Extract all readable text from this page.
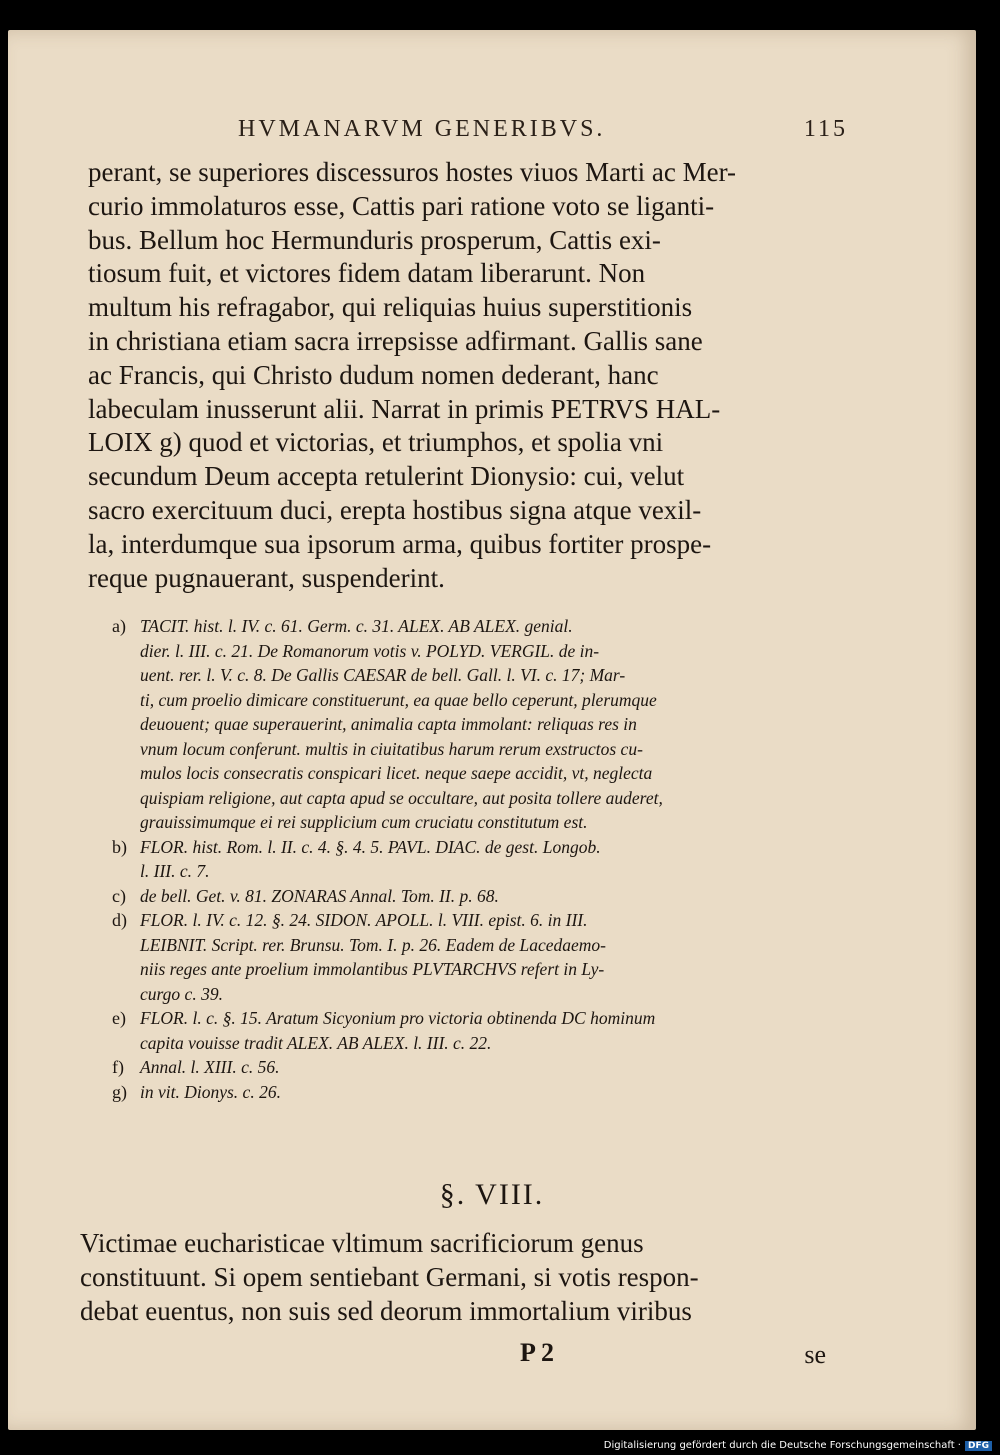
HVMANARVM GENERIBVS.	115

perant, se superiores discessuros hostes viuos Marti ac Mer-

curio immolaturos esse, Cattis pari ratione voto se liganti-

bus. Bellum hoc Hermunduris prosperum, Cattis exi-

tiosum fuit, et victores fidem datam liberarunt. Non

multum his refragabor, qui reliquias huius superstitionis

in christiana etiam sacra irrepsisse adfirmant. Gallis sane

ac Francis, qui Christo dudum nomen dederant, hanc

labeculam inusserunt alii. Narrat in primis PETRVS HAL-

LOIX g) quod et victorias, et triumphos, et spolia vni

secundum Deum accepta retulerint Dionysio: cui, velut

sacro exercituum duci, erepta hostibus signa atque vexil-

la, interdumque sua ipsorum arma, quibus fortiter prospe-

reque pugnauerant, suspenderint.

a) TACIT. hist. l. IV. c. 61. Germ. c. 31. ALEX. AB ALEX. genial.
dier. l. III. c. 21. De Romanorum votis v. POLYD. VERGIL. de in-
uent. rer. l. V. c. 8. De Gallis CAESAR de bell. Gall. l. VI. c. 17; Mar-
ti, cum proelio dimicare constituerunt, ea quae bello ceperunt, plerumque
deuouent; quae superauerint, animalia capta immolant: reliquas res in
vnum locum conferunt. multis in ciuitatibus harum rerum exstructos cu-
mulos locis consecratis conspicari licet. neque saepe accidit, vt, neglecta
quispiam religione, aut capta apud se occultare, aut posita tollere auderet,
grauissimumque ei rei supplicium cum cruciatu constitutum est.
b) FLOR. hist. Rom. l. II. c. 4. §. 4. 5. PAVL. DIAC. de gest. Longob.
l. III. c. 7.
c) de bell. Get. v. 81. ZONARAS Annal. Tom. II. p. 68.
d) FLOR. l. IV. c. 12. §. 24. SIDON. APOLL. l. VIII. epist. 6. in III.
LEIBNIT. Script. rer. Brunsu. Tom. I. p. 26. Eadem de Lacedaemo-
niis reges ante proelium immolantibus PLVTARCHVS refert in Ly-
curgo c. 39.
e) FLOR. l. c. §. 15. Aratum Sicyonium pro victoria obtinenda DC hominum
capita vouisse tradit ALEX. AB ALEX. l. III. c. 22.
f) Annal. l. XIII. c. 56.
g) in vit. Dionys. c. 26.
§. VIII.

Victimae eucharisticae vltimum sacrificiorum genus

constituunt. Si opem sentiebant Germani, si votis respon-

debat euentus, non suis sed deorum immortalium viribus

P 2	se
Digitalisierung gefördert durch die Deutsche Forschungsgemeinschaft · DFG
